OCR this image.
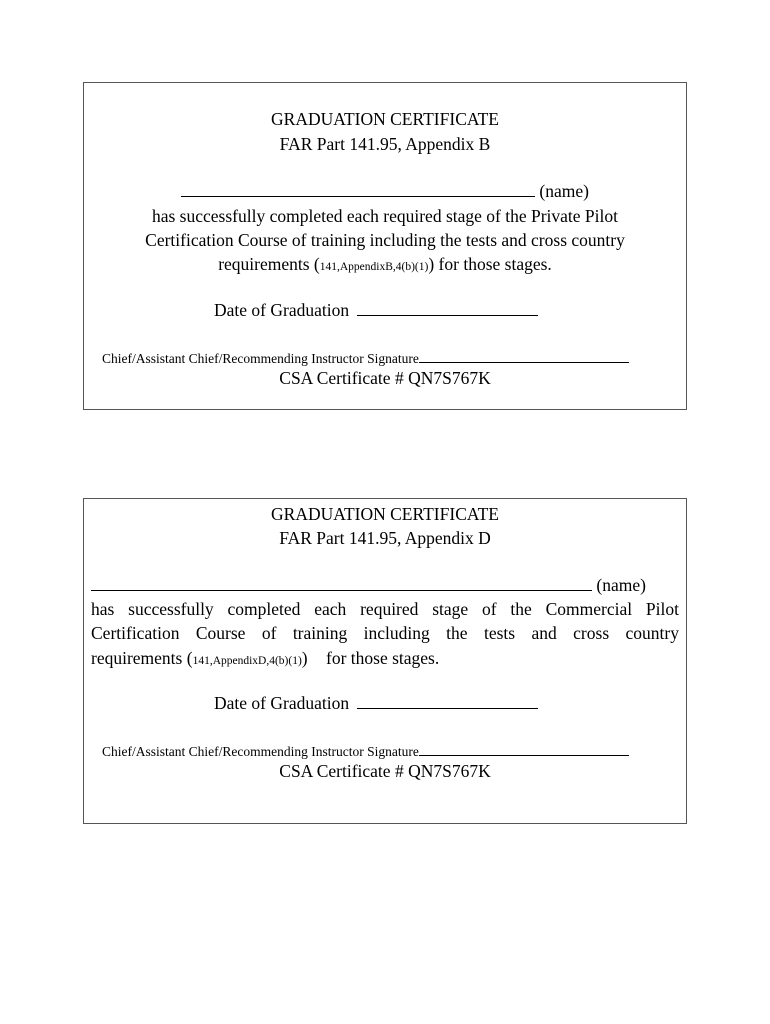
GRADUATION CERTIFICATE
FAR Part 141.95, Appendix B
(name)
has successfully completed each required stage of the Private Pilot
Certification Course of training including the tests and cross country
requirements (141,AppendixB,4(b)(1)) for those stages.
Date of Graduation
Chief/Assistant Chief/Recommending Instructor Signature
CSA Certificate # QN7S767K
GRADUATION CERTIFICATE
FAR Part 141.95, Appendix D
(name)
has successfully completed each required stage of the Commercial Pilot
Certification Course of training including the tests and cross country
requirements (141,AppendixD,4(b)(1)) for those stages.
Date of Graduation
Chief/Assistant Chief/Recommending Instructor Signature
CSA Certificate # QN7S767K
